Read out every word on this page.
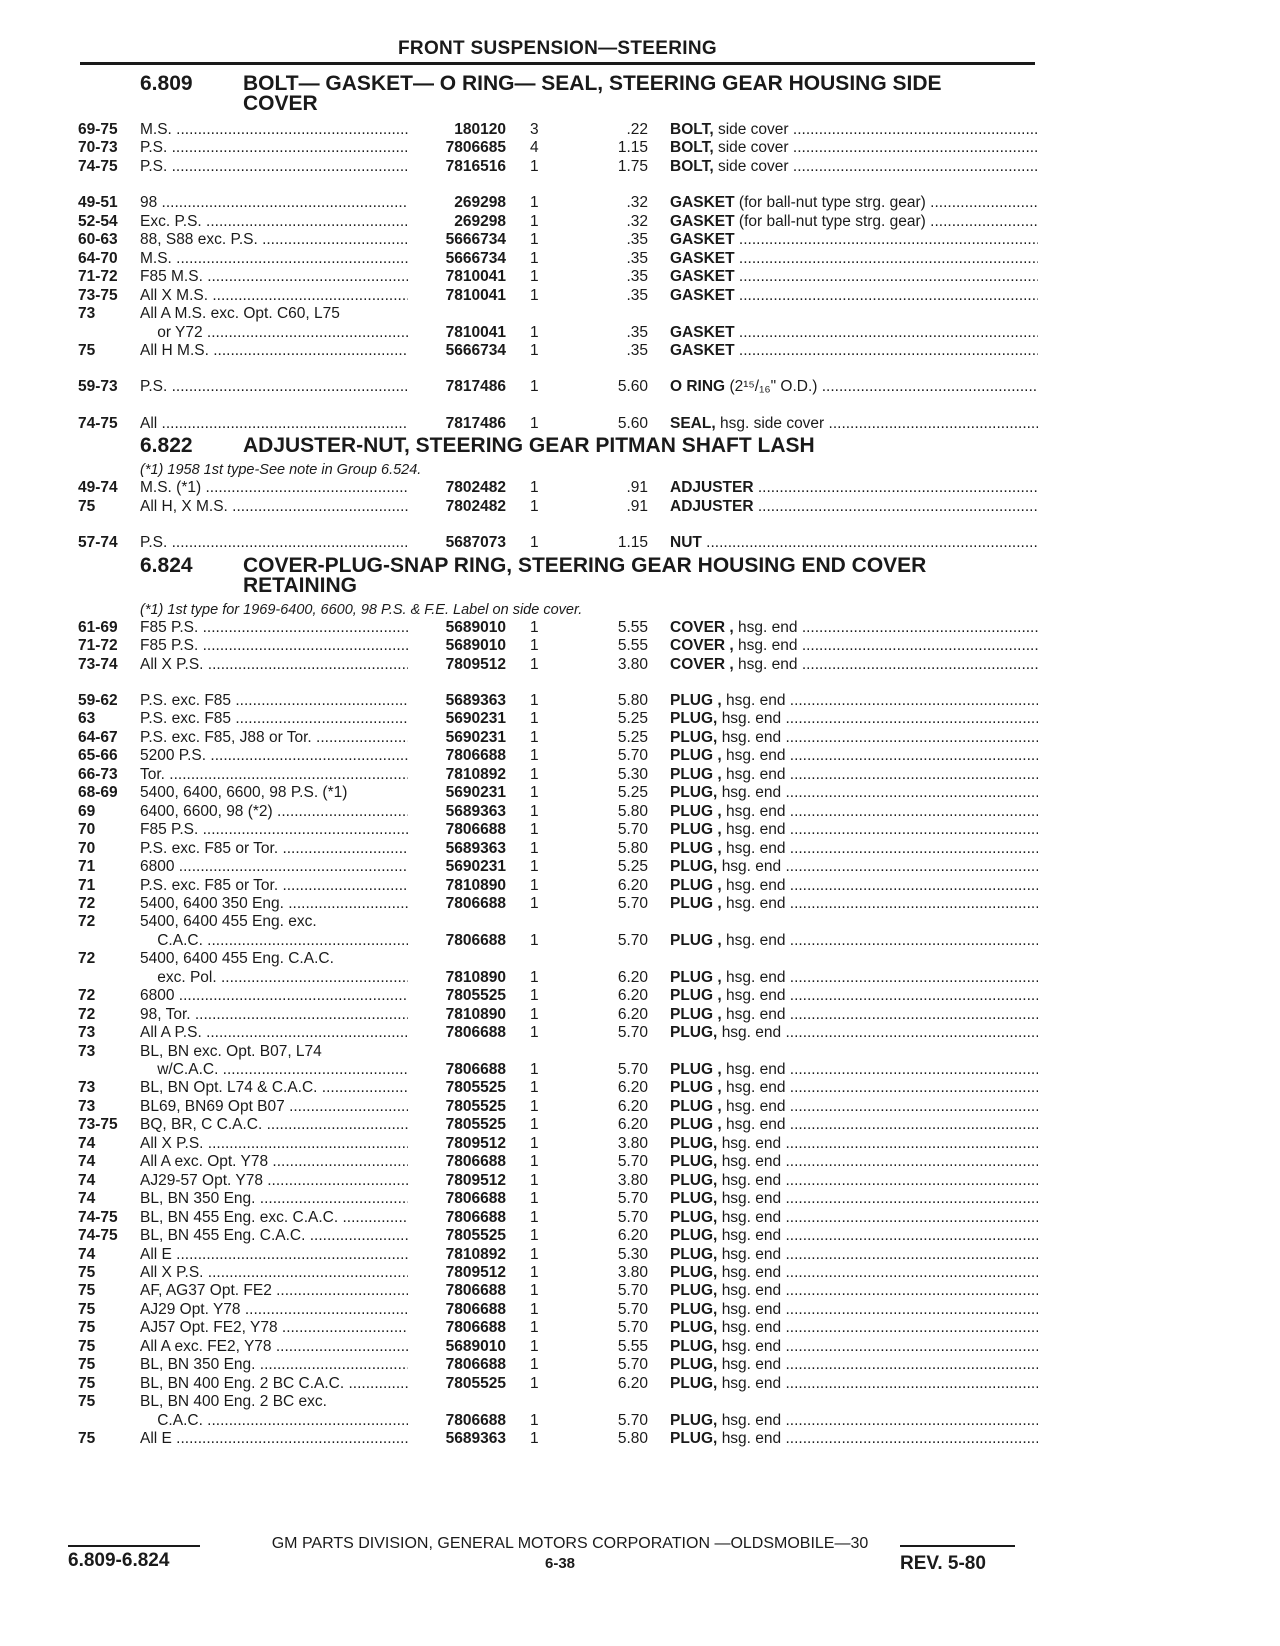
FRONT SUSPENSION—STEERING
6.809 BOLT— GASKET— O RING— SEAL, STEERING GEAR HOUSING SIDE COVER
69-75 M.S. .....	180120 3	.22 BOLT, side cover .....
70-73 P.S. .....	7806685 4	1.15 BOLT, side cover .....
74-75 P.S. .....	7816516 1	1.75 BOLT, side cover .....
49-51 98 .....	269298 1	.32 GASKET (for ball-nut type strg. gear) .....
52-54 Exc. P.S. .....	269298 1	.32 GASKET (for ball-nut type strg. gear) .....
60-63 88, S88 exc. P.S. .....	5666734 1	.35 GASKET .....
64-70 M.S. .....	5666734 1	.35 GASKET .....
71-72 F85 M.S. .....	7810041 1	.35 GASKET .....
73-75 All X M.S. .....	7810041 1	.35 GASKET .....
73	All A M.S. exc. Opt. C60, L75
or Y72 .....	7810041 1	.35 GASKET .....
75	All H M.S. .....	5666734 1	.35 GASKET .....
59-73 P.S. .....	7817486 1	5.60 O RING (2¹⁵/₁₆" O.D.) .....
74-75 All .....	7817486 1	5.60 SEAL, hsg. side cover .....
6.822 ADJUSTER-NUT, STEERING GEAR PITMAN SHAFT LASH
(*1) 1958 1st type-See note in Group 6.524.
49-74 M.S. (*1) .....	7802482 1	.91 ADJUSTER .....
75	All H, X M.S. .....	7802482 1	.91 ADJUSTER .....
57-74 P.S. .....	5687073 1	1.15 NUT .....
6.824 COVER-PLUG-SNAP RING, STEERING GEAR HOUSING END COVER RETAINING
(*1) 1st type for 1969-6400, 6600, 98 P.S. & F.E. Label on side cover.
61-69 F85 P.S. .....	5689010 1	5.55 COVER , hsg. end .....
71-72 F85 P.S. .....	5689010 1	5.55 COVER , hsg. end .....
73-74 All X P.S. .....	7809512 1	3.80 COVER , hsg. end .....
59-62 P.S. exc. F85 .....	5689363 1	5.80 PLUG , hsg. end .....
63	P.S. exc. F85 .....	5690231 1	5.25 PLUG, hsg. end .....
64-67 P.S. exc. F85, J88 or Tor. .....	5690231 1	5.25 PLUG, hsg. end .....
65-66 5200 P.S. .....	7806688 1	5.70 PLUG , hsg. end .....
66-73 Tor. .....	7810892 1	5.30 PLUG , hsg. end .....
68-69 5400, 6400, 6600, 98 P.S. (*1)	5690231 1	5.25 PLUG, hsg. end .....
69	6400, 6600, 98 (*2) .....	5689363 1	5.80 PLUG , hsg. end .....
70	F85 P.S. .....	7806688 1	5.70 PLUG , hsg. end .....
70	P.S. exc. F85 or Tor. .....	5689363 1	5.80 PLUG , hsg. end .....
71	6800 .....	5690231 1	5.25 PLUG, hsg. end .....
71	P.S. exc. F85 or Tor. .....	7810890 1	6.20 PLUG , hsg. end .....
72	5400, 6400 350 Eng. .....	7806688 1	5.70 PLUG , hsg. end .....
72	5400, 6400 455 Eng. exc.
C.A.C. .....	7806688 1	5.70 PLUG , hsg. end .....
72	5400, 6400 455 Eng. C.A.C.
exc. Pol. .....	7810890 1	6.20 PLUG , hsg. end .....
72	6800 .....	7805525 1	6.20 PLUG , hsg. end .....
72	98, Tor. .....	7810890 1	6.20 PLUG , hsg. end .....
73	All A P.S. .....	7806688 1	5.70 PLUG, hsg. end .....
73	BL, BN exc. Opt. B07, L74
w/C.A.C. .....	7806688 1	5.70 PLUG , hsg. end .....
73	BL, BN Opt. L74 & C.A.C. .....	7805525 1	6.20 PLUG , hsg. end .....
73	BL69, BN69 Opt B07 .....	7805525 1	6.20 PLUG , hsg. end .....
73-75 BQ, BR, C C.A.C. .....	7805525 1	6.20 PLUG , hsg. end .....
74	All X P.S. .....	7809512 1	3.80 PLUG, hsg. end .....
74	All A exc. Opt. Y78 .....	7806688 1	5.70 PLUG, hsg. end .....
74	AJ29-57 Opt. Y78 .....	7809512 1	3.80 PLUG, hsg. end .....
74	BL, BN 350 Eng. .....	7806688 1	5.70 PLUG, hsg. end .....
74-75 BL, BN 455 Eng. exc. C.A.C. .....	7806688 1	5.70 PLUG, hsg. end .....
74-75 BL, BN 455 Eng. C.A.C. .....	7805525 1	6.20 PLUG, hsg. end .....
74	All E .....	7810892 1	5.30 PLUG, hsg. end .....
75	All X P.S. .....	7809512 1	3.80 PLUG, hsg. end .....
75	AF, AG37 Opt. FE2 .....	7806688 1	5.70 PLUG, hsg. end .....
75	AJ29 Opt. Y78 .....	7806688 1	5.70 PLUG, hsg. end .....
75	AJ57 Opt. FE2, Y78 .....	7806688 1	5.70 PLUG, hsg. end .....
75	All A exc. FE2, Y78 .....	5689010 1	5.55 PLUG, hsg. end .....
75	BL, BN 350 Eng. .....	7806688 1	5.70 PLUG, hsg. end .....
75	BL, BN 400 Eng. 2 BC C.A.C. .....	7805525 1	6.20 PLUG, hsg. end .....
75	BL, BN 400 Eng. 2 BC exc.
C.A.C. .....	7806688 1	5.70 PLUG, hsg. end .....
75	All E .....	5689363 1	5.80 PLUG, hsg. end .....
GM PARTS DIVISION, GENERAL MOTORS CORPORATION —OLDSMOBILE—30
6.809-6.824	6-38	REV. 5-80
